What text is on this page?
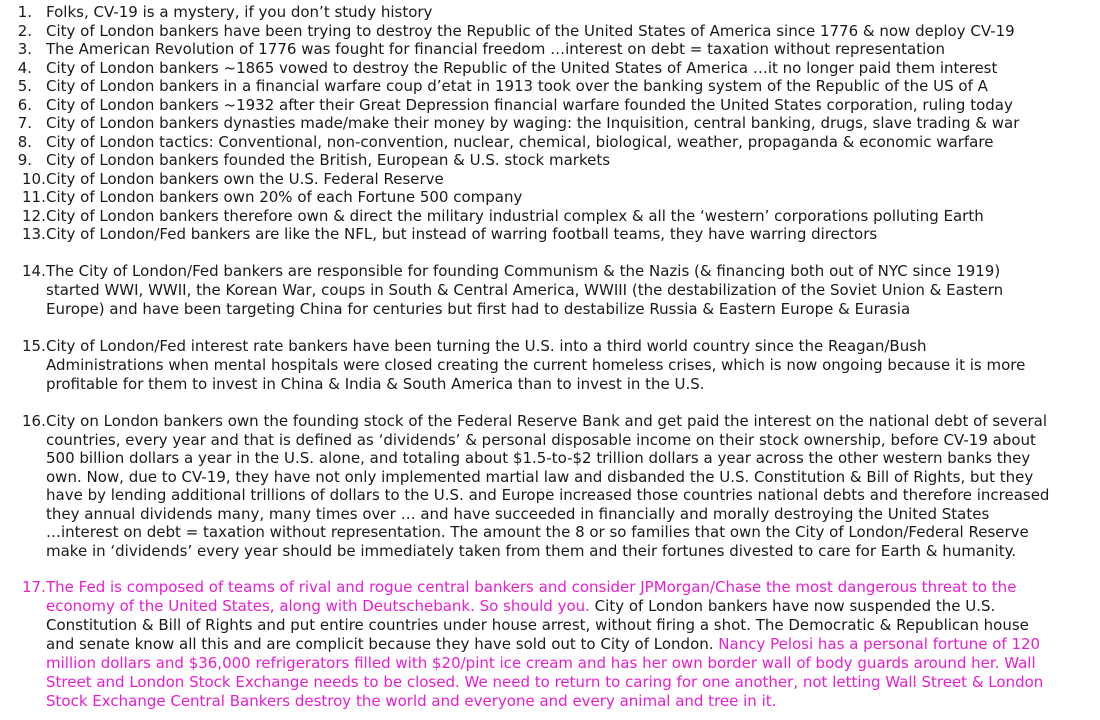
1. Folks, CV-19 is a mystery, if you don’t study history
2. City of London bankers have been trying to destroy the Republic of the United States of America since 1776 & now deploy CV-19
3. The American Revolution of 1776 was fought for financial freedom …interest on debt = taxation without representation
4. City of London bankers ~1865 vowed to destroy the Republic of the United States of America …it no longer paid them interest
5. City of London bankers in a financial warfare coup d’etat in 1913 took over the banking system of the Republic of the US of A
6. City of London bankers ~1932 after their Great Depression financial warfare founded the United States corporation, ruling today
7. City of London bankers dynasties made/make their money by waging: the Inquisition, central banking, drugs, slave trading & war
8. City of London tactics: Conventional, non-convention, nuclear, chemical, biological, weather, propaganda & economic warfare
9. City of London bankers founded the British, European & U.S. stock markets
10. City of London bankers own the U.S. Federal Reserve
11. City of London bankers own 20% of each Fortune 500 company
12. City of London bankers therefore own & direct the military industrial complex & all the ‘western’ corporations polluting Earth
13. City of London/Fed bankers are like the NFL, but instead of warring football teams, they have warring directors
14. The City of London/Fed bankers are responsible for founding Communism & the Nazis (& financing both out of NYC since 1919)
started WWI, WWII, the Korean War, coups in South & Central America, WWIII (the destabilization of the Soviet Union & Eastern
Europe) and have been targeting China for centuries but first had to destabilize Russia & Eastern Europe & Eurasia
15. City of London/Fed interest rate bankers have been turning the U.S. into a third world country since the Reagan/Bush
Administrations when mental hospitals were closed creating the current homeless crises, which is now ongoing because it is more
profitable for them to invest in China & India & South America than to invest in the U.S.
16. City on London bankers own the founding stock of the Federal Reserve Bank and get paid the interest on the national debt of several
countries, every year and that is defined as ‘dividends’ & personal disposable income on their stock ownership, before CV-19 about
500 billion dollars a year in the U.S. alone, and totaling about $1.5-to-$2 trillion dollars a year across the other western banks they
own. Now, due to CV-19, they have not only implemented martial law and disbanded the U.S. Constitution & Bill of Rights, but they
have by lending additional trillions of dollars to the U.S. and Europe increased those countries national debts and therefore increased
they annual dividends many, many times over … and have succeeded in financially and morally destroying the United States
…interest on debt = taxation without representation. The amount the 8 or so families that own the City of London/Federal Reserve
make in ‘dividends’ every year should be immediately taken from them and their fortunes divested to care for Earth & humanity.
17. The Fed is composed of teams of rival and rogue central bankers and consider JPMorgan/Chase the most dangerous threat to the
economy of the United States, along with Deutschebank. So should you. City of London bankers have now suspended the U.S.
Constitution & Bill of Rights and put entire countries under house arrest, without firing a shot. The Democratic & Republican house
and senate know all this and are complicit because they have sold out to City of London. Nancy Pelosi has a personal fortune of 120
million dollars and $36,000 refrigerators filled with $20/pint ice cream and has her own border wall of body guards around her. Wall
Street and London Stock Exchange needs to be closed. We need to return to caring for one another, not letting Wall Street & London
Stock Exchange Central Bankers destroy the world and everyone and every animal and tree in it.
